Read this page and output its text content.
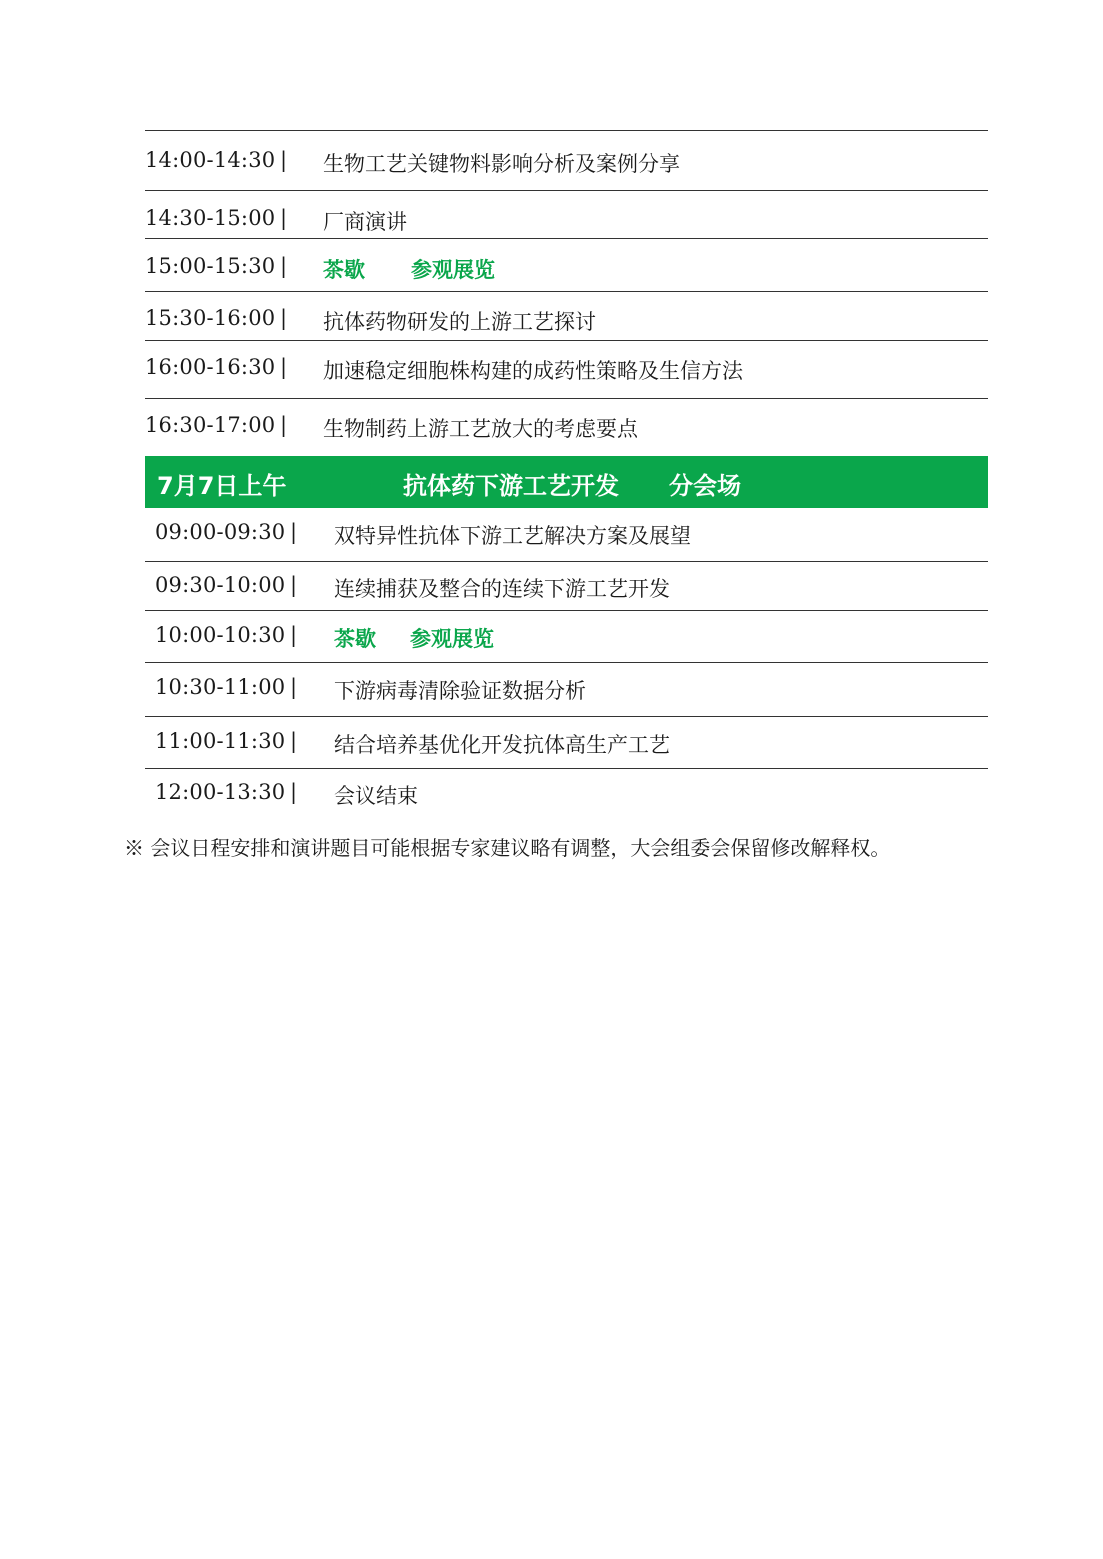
14:00-14:30 | 生物工艺关键物料影响分析及案例分享
14:30-15:00 | 厂商演讲
15:00-15:30 | 茶歇 参观展览
15:30-16:00 | 抗体药物研发的上游工艺探讨
16:00-16:30 | 加速稳定细胞株构建的成药性策略及生信方法
16:30-17:00 | 生物制药上游工艺放大的考虑要点
7月7日上午	抗体药下游工艺开发 分会场
09:00-09:30 | 双特异性抗体下游工艺解决方案及展望
09:30-10:00 | 连续捕获及整合的连续下游工艺开发
10:00-10:30 | 茶歇 参观展览
10:30-11:00 | 下游病毒清除验证数据分析
11:00-11:30 | 结合培养基优化开发抗体高生产工艺
12:00-13:30 | 会议结束
※ 会议日程安排和演讲题目可能根据专家建议略有调整，大会组委会保留修改解释权。
